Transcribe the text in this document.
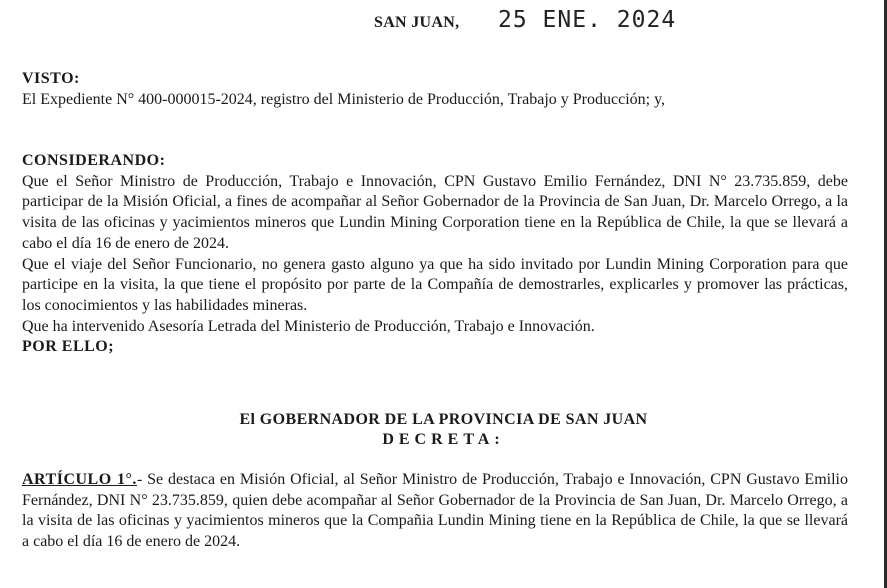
SAN JUAN, 25 ENE. 2024
VISTO:
El Expediente N° 400-000015-2024, registro del Ministerio de Producción, Trabajo y Producción; y,
CONSIDERANDO:
Que el Señor Ministro de Producción, Trabajo e Innovación, CPN Gustavo Emilio Fernández, DNI N° 23.735.859, debe participar de la Misión Oficial, a fines de acompañar al Señor Gobernador de la Provincia de San Juan, Dr. Marcelo Orrego, a la visita de las oficinas y yacimientos mineros que Lundin Mining Corporation tiene en la República de Chile, la que se llevará a cabo el día 16 de enero de 2024.
Que el viaje del Señor Funcionario, no genera gasto alguno ya que ha sido invitado por Lundin Mining Corporation para que participe en la visita, la que tiene el propósito por parte de la Compañía de demostrarles, explicarles y promover las prácticas, los conocimientos y las habilidades mineras.
Que ha intervenido Asesoría Letrada del Ministerio de Producción, Trabajo e Innovación.
POR ELLO;
El GOBERNADOR DE LA PROVINCIA DE SAN JUAN
DECRETA:
ARTÍCULO 1°.- Se destaca en Misión Oficial, al Señor Ministro de Producción, Trabajo e Innovación, CPN Gustavo Emilio Fernández, DNI N° 23.735.859, quien debe acompañar al Señor Gobernador de la Provincia de San Juan, Dr. Marcelo Orrego, a la visita de las oficinas y yacimientos mineros que la Compañia Lundin Mining tiene en la República de Chile, la que se llevará a cabo el día 16 de enero de 2024.
